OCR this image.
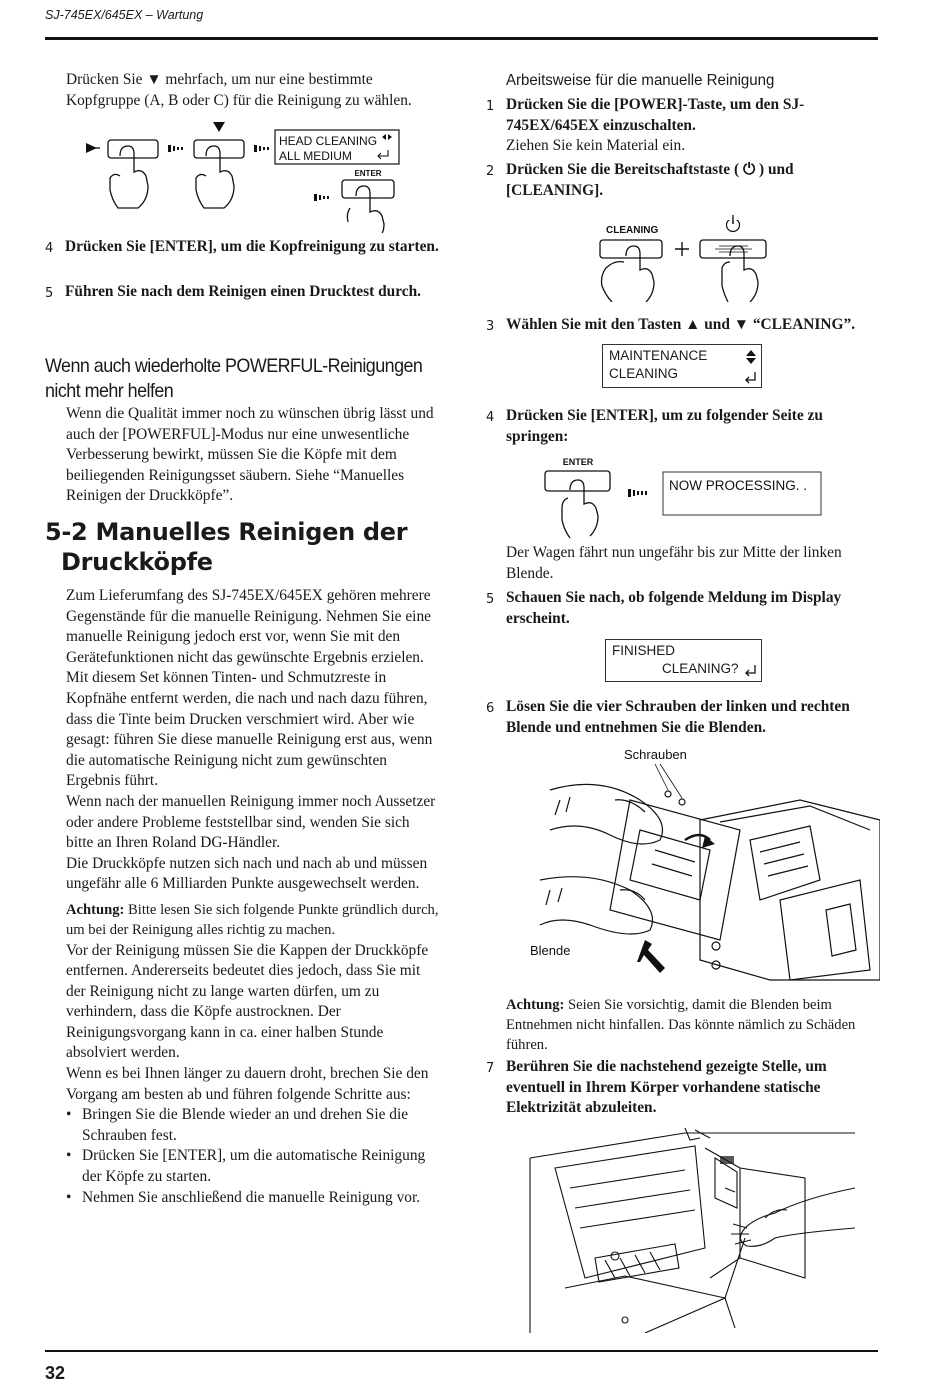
SJ-745EX/645EX – Wartung
32

Drücken Sie ▼ mehrfach, um nur eine bestimmte Kopfgruppe (A, B oder C) für die Reinigung zu wählen.

HEAD CLEANING
ALL MEDIUM
ENTER
4 Drücken Sie [ENTER], um die Kopfreinigung zu starten.
5 Führen Sie nach dem Reinigen einen Drucktest durch.

Wenn auch wiederholte POWERFUL-Reinigungen

nicht mehr helfen

Wenn die Qualität immer noch zu wünschen übrig lässt und auch der [POWERFUL]-Modus nur eine unwesentliche Verbesserung bewirkt, müssen Sie die Köpfe mit dem beiliegenden Reinigungsset säubern. Siehe “Manuelles Reinigen der Druckköpfe”.

5-2 Manuelles Reinigen der

Druckköpfe

Zum Lieferumfang des SJ-745EX/645EX gehören mehrere Gegenstände für die manuelle Reinigung. Nehmen Sie eine manuelle Reinigung jedoch erst vor, wenn Sie mit den Gerätefunktionen nicht das gewünschte Ergebnis erzielen. Mit diesem Set können Tinten- und Schmutzreste in Kopfnähe entfernt werden, die nach und nach dazu führen, dass die Tinte beim Drucken verschmiert wird. Aber wie gesagt: führen Sie diese manuelle Reinigung erst aus, wenn die automatische Reinigung nicht zum gewünschten Ergebnis führt.

Wenn nach der manuellen Reinigung immer noch Aussetzer oder andere Probleme feststellbar sind, wenden Sie sich bitte an Ihren Roland DG-Händler.

Die Druckköpfe nutzen sich nach und nach ab und müssen ungefähr alle 6 Milliarden Punkte ausgewechselt werden.

Achtung: Bitte lesen Sie sich folgende Punkte gründlich durch, um bei der Reinigung alles richtig zu machen.

Vor der Reinigung müssen Sie die Kappen der Druckköpfe entfernen. Andererseits bedeutet dies jedoch, dass Sie mit der Reinigung nicht zu lange warten dürfen, um zu verhindern, dass die Köpfe austrocknen. Der Reinigungsvorgang kann in ca. einer halben Stunde absolviert werden.

Wenn es bei Ihnen länger zu dauern droht, brechen Sie den Vorgang am besten ab und führen folgende Schritte aus:

• Bringen Sie die Blende wieder an und drehen Sie die Schrauben fest.
• Drücken Sie [ENTER], um die automatische Reinigung der Köpfe zu starten.
• Nehmen Sie anschließend die manuelle Reinigung vor.

Arbeitsweise für die manuelle Reinigung

1 Drücken Sie die [POWER]-Taste, um den SJ-745EX/645EX einzuschalten.

Ziehen Sie kein Material ein.

2 Drücken Sie die Bereitschaftstaste ( ⏻ ) und [CLEANING].
CLEANING
3 Wählen Sie mit den Tasten ▲ und ▼ “CLEANING”.
MAINTENANCE
CLEANING
4 Drücken Sie [ENTER], um zu folgender Seite zu springen:
ENTER
NOW PROCESSING. .

Der Wagen fährt nun ungefähr bis zur Mitte der linken Blende.

5 Schauen Sie nach, ob folgende Meldung im Display erscheint.
FINISHED
CLEANING?
6 Lösen Sie die vier Schrauben der linken und rechten Blende und entnehmen Sie die Blenden.
Schrauben
Blende

Achtung: Seien Sie vorsichtig, damit die Blenden beim Entnehmen nicht hinfallen. Das könnte nämlich zu Schäden führen.

7 Berühren Sie die nachstehend gezeigte Stelle, um eventuell in Ihrem Körper vorhandene statische Elektrizität abzuleiten.
